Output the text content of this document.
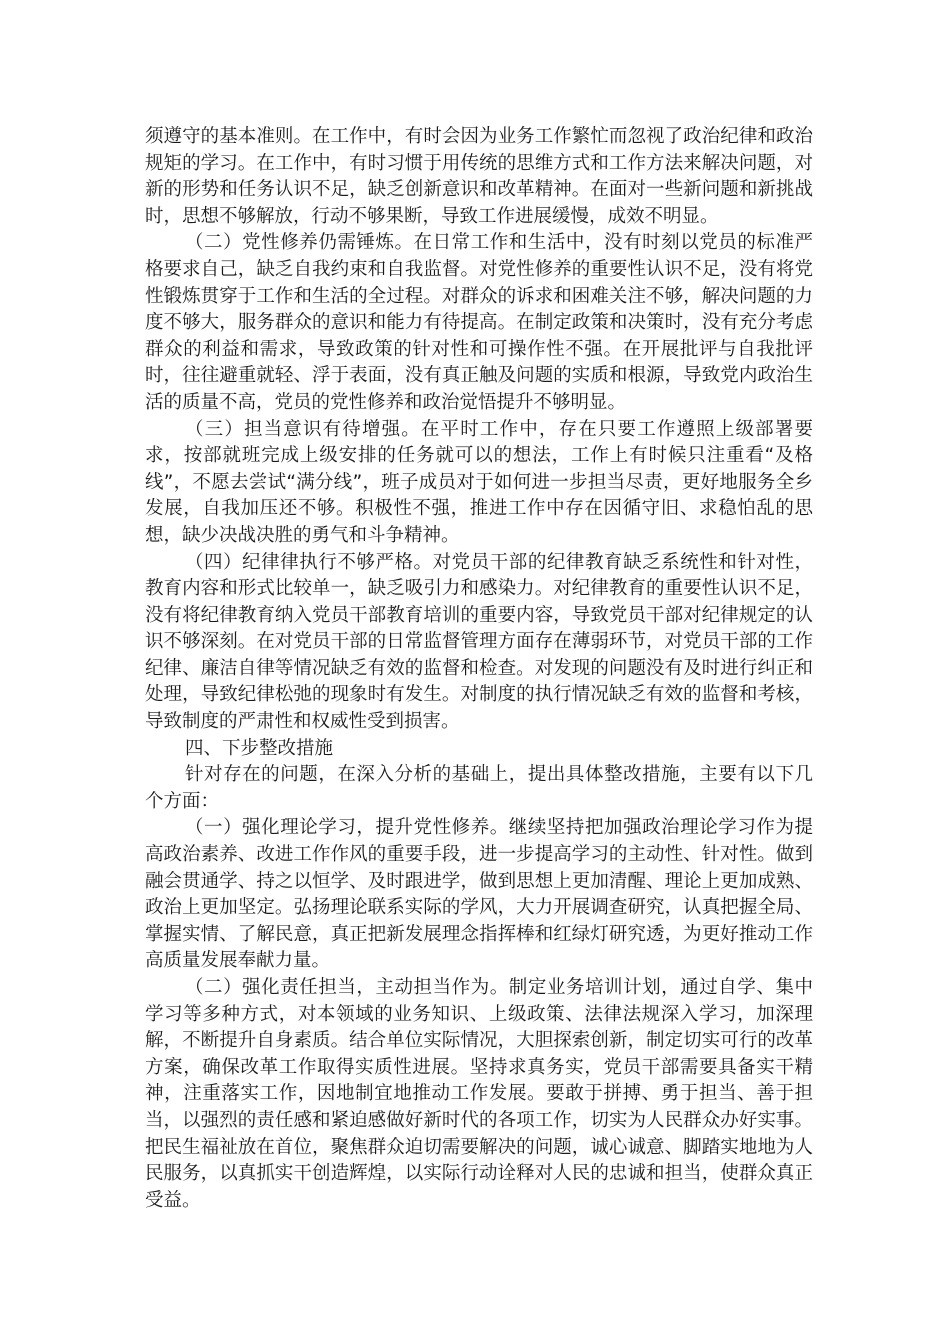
须遵守的基本准则。在工作中，有时会因为业务工作繁忙而忽视了政治纪律和政治规矩的学习。在工作中，有时习惯于用传统的思维方式和工作方法来解决问题，对新的形势和任务认识不足，缺乏创新意识和改革精神。在面对一些新问题和新挑战时，思想不够解放，行动不够果断，导致工作进展缓慢，成效不明显。

（二）党性修养仍需锤炼。在日常工作和生活中，没有时刻以党员的标准严格要求自己，缺乏自我约束和自我监督。对党性修养的重要性认识不足，没有将党性锻炼贯穿于工作和生活的全过程。对群众的诉求和困难关注不够，解决问题的力度不够大，服务群众的意识和能力有待提高。在制定政策和决策时，没有充分考虑群众的利益和需求，导致政策的针对性和可操作性不强。在开展批评与自我批评时，往往避重就轻、浮于表面，没有真正触及问题的实质和根源，导致党内政治生活的质量不高，党员的党性修养和政治觉悟提升不够明显。

（三）担当意识有待增强。在平时工作中，存在只要工作遵照上级部署要求，按部就班完成上级安排的任务就可以的想法，工作上有时候只注重看“及格线”，不愿去尝试“满分线”，班子成员对于如何进一步担当尽责，更好地服务全乡发展，自我加压还不够。积极性不强，推进工作中存在因循守旧、求稳怕乱的思想，缺少决战决胜的勇气和斗争精神。

（四）纪律律执行不够严格。对党员干部的纪律教育缺乏系统性和针对性，教育内容和形式比较单一，缺乏吸引力和感染力。对纪律教育的重要性认识不足，没有将纪律教育纳入党员干部教育培训的重要内容，导致党员干部对纪律规定的认识不够深刻。在对党员干部的日常监督管理方面存在薄弱环节，对党员干部的工作纪律、廉洁自律等情况缺乏有效的监督和检查。对发现的问题没有及时进行纠正和处理，导致纪律松弛的现象时有发生。对制度的执行情况缺乏有效的监督和考核，导致制度的严肃性和权威性受到损害。

四、下步整改措施

针对存在的问题，在深入分析的基础上，提出具体整改措施，主要有以下几个方面：

（一）强化理论学习，提升党性修养。继续坚持把加强政治理论学习作为提高政治素养、改进工作作风的重要手段，进一步提高学习的主动性、针对性。做到融会贯通学、持之以恒学、及时跟进学，做到思想上更加清醒、理论上更加成熟、政治上更加坚定。弘扬理论联系实际的学风，大力开展调查研究，认真把握全局、掌握实情、了解民意，真正把新发展理念指挥棒和红绿灯研究透，为更好推动工作高质量发展奉献力量。

（二）强化责任担当，主动担当作为。制定业务培训计划，通过自学、集中学习等多种方式，对本领域的业务知识、上级政策、法律法规深入学习，加深理解，不断提升自身素质。结合单位实际情况，大胆探索创新，制定切实可行的改革方案，确保改革工作取得实质性进展。坚持求真务实，党员干部需要具备实干精神，注重落实工作，因地制宜地推动工作发展。要敢于拼搏、勇于担当、善于担当，以强烈的责任感和紧迫感做好新时代的各项工作，切实为人民群众办好实事。把民生福祉放在首位，聚焦群众迫切需要解决的问题，诚心诚意、脚踏实地地为人民服务，以真抓实干创造辉煌，以实际行动诠释对人民的忠诚和担当，使群众真正受益。
